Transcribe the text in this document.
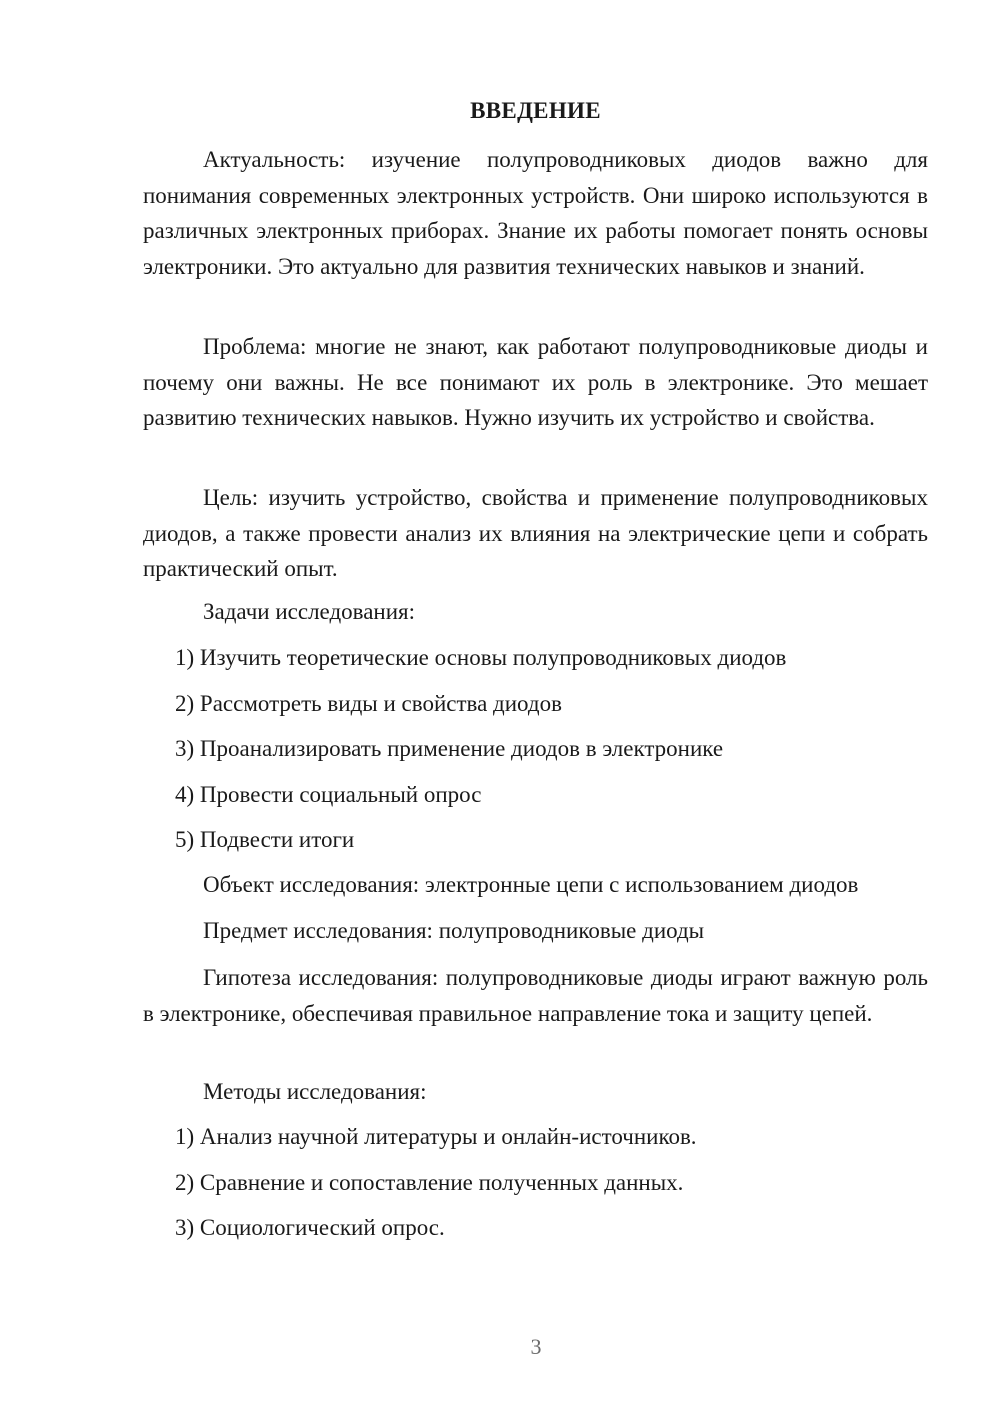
ВВЕДЕНИЕ

Актуальность: изучение полупроводниковых диодов важно для понимания современных электронных устройств. Они широко используются в различных электронных приборах. Знание их работы помогает понять основы электроники. Это актуально для развития технических навыков и знаний.

Проблема: многие не знают, как работают полупроводниковые диоды и почему они важны. Не все понимают их роль в электронике. Это мешает развитию технических навыков. Нужно изучить их устройство и свойства.

Цель: изучить устройство, свойства и применение полупроводниковых диодов, а также провести анализ их влияния на электрические цепи и собрать практический опыт.

Задачи исследования:

1) Изучить теоретические основы полупроводниковых диодов

2) Рассмотреть виды и свойства диодов

3) Проанализировать применение диодов в электронике

4) Провести социальный опрос

5) Подвести итоги

Объект исследования: электронные цепи с использованием диодов

Предмет исследования: полупроводниковые диоды

Гипотеза исследования: полупроводниковые диоды играют важную роль в электронике, обеспечивая правильное направление тока и защиту цепей.

Методы исследования:

1) Анализ научной литературы и онлайн-источников.

2) Сравнение и сопоставление полученных данных.

3) Социологический опрос.

3
